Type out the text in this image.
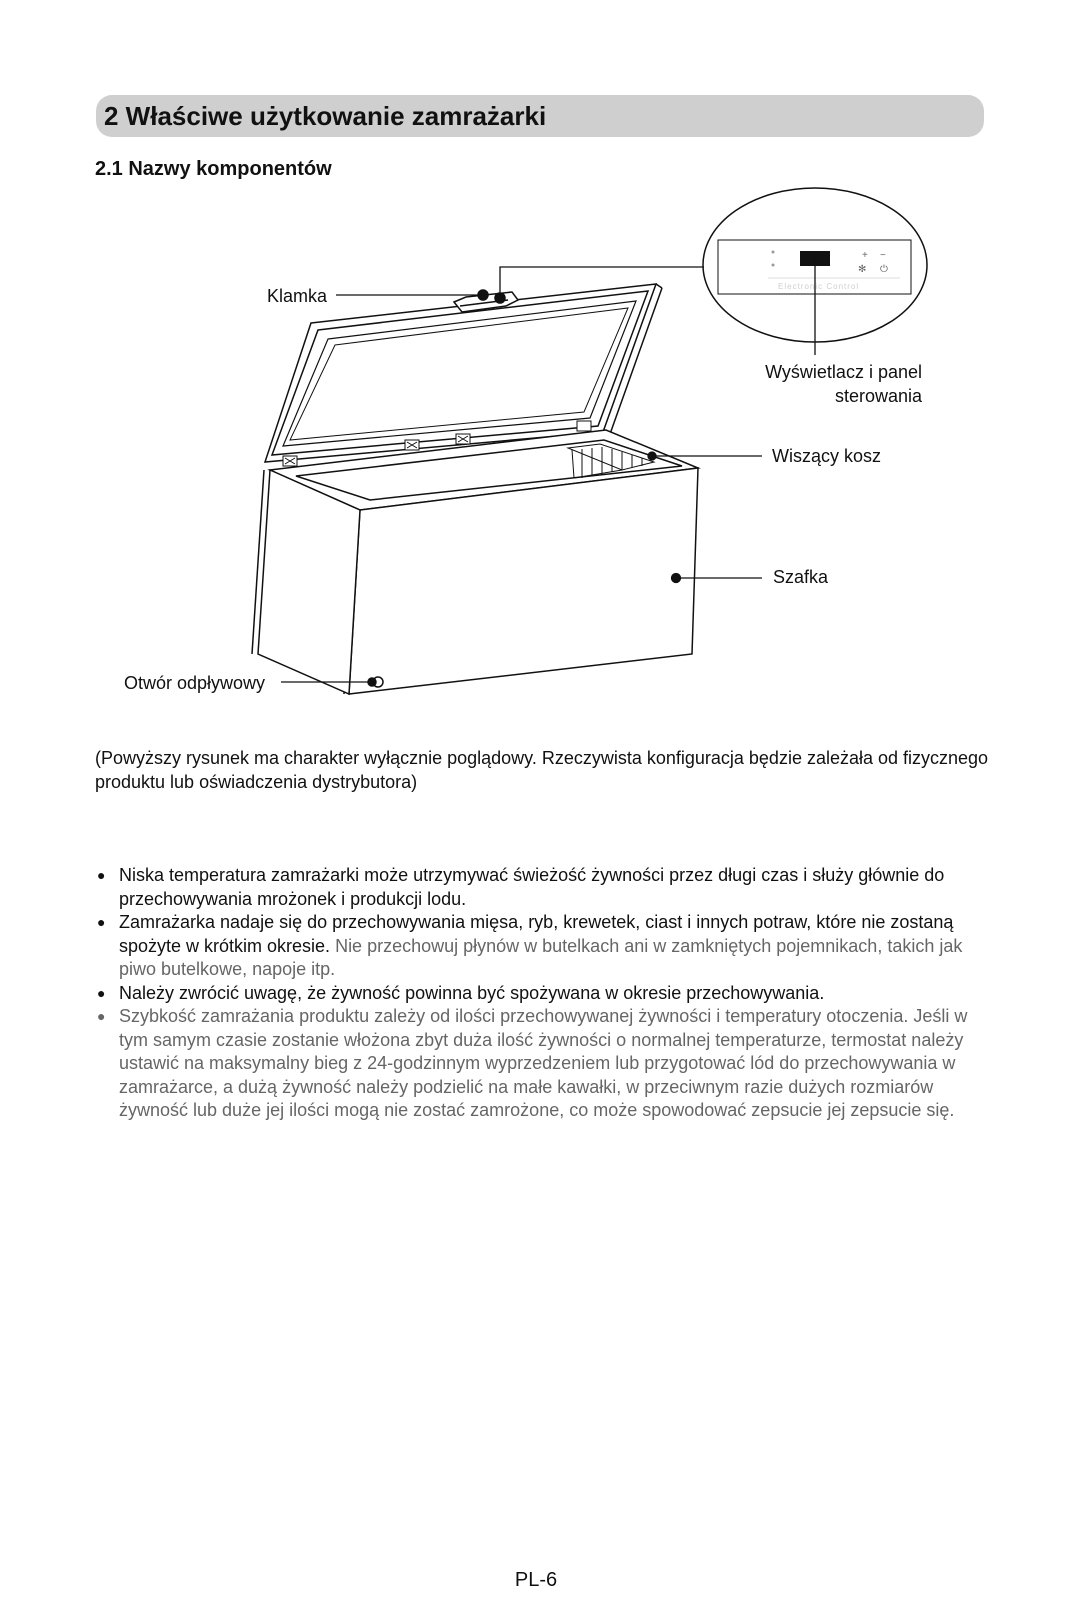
2 Właściwe użytkowanie zamrażarki
2.1 Nazwy komponentów
+ −
✻ ⏻
Electronic Control
Klamka
Wyświetlacz i panel
sterowania
Wiszący kosz
Szafka
Otwór odpływowy
(Powyższy rysunek ma charakter wyłącznie poglądowy. Rzeczywista konfiguracja będzie zależała od fizycznego produktu lub oświadczenia dystrybutora)
● Niska temperatura zamrażarki może utrzymywać świeżość żywności przez długi czas i służy głównie do przechowywania mrożonek i produkcji lodu.
● Zamrażarka nadaje się do przechowywania mięsa, ryb, krewetek, ciast i innych potraw, które nie zostaną spożyte w krótkim okresie. Nie przechowuj płynów w butelkach ani w zamkniętych pojemnikach, takich jak piwo butelkowe, napoje itp.
● Należy zwrócić uwagę, że żywność powinna być spożywana w okresie przechowywania.
● Szybkość zamrażania produktu zależy od ilości przechowywanej żywności i temperatury otoczenia. Jeśli w tym samym czasie zostanie włożona zbyt duża ilość żywności o normalnej temperaturze, termostat należy ustawić na maksymalny bieg z 24-godzinnym wyprzedzeniem lub przygotować lód do przechowywania w zamrażarce, a dużą żywność należy podzielić na małe kawałki, w przeciwnym razie dużych rozmiarów żywność lub duże jej ilości mogą nie zostać zamrożone, co może spowodować zepsucie jej zepsucie się.
PL-6
